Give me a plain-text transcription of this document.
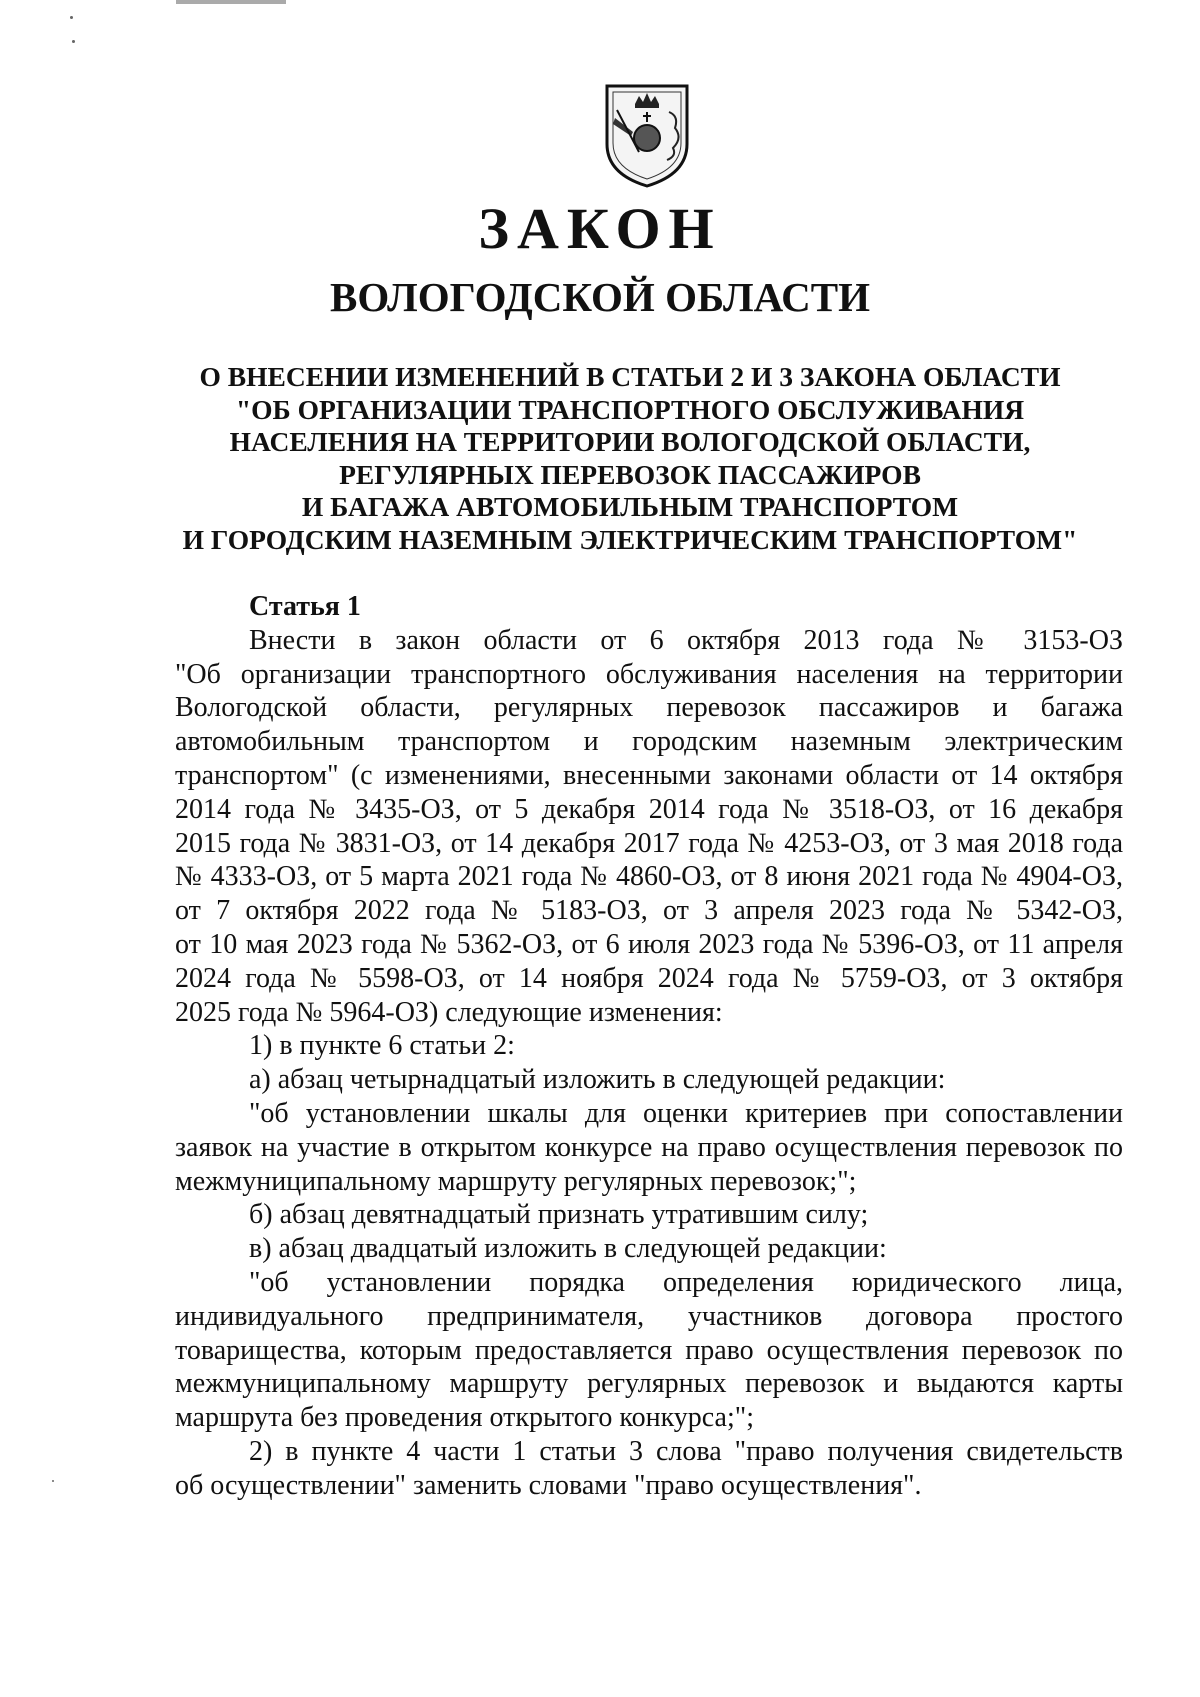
ЗАКОН
ВОЛОГОДСКОЙ ОБЛАСТИ
О ВНЕСЕНИИ ИЗМЕНЕНИЙ В СТАТЬИ 2 И 3 ЗАКОНА ОБЛАСТИ
"ОБ ОРГАНИЗАЦИИ ТРАНСПОРТНОГО ОБСЛУЖИВАНИЯ
НАСЕЛЕНИЯ НА ТЕРРИТОРИИ ВОЛОГОДСКОЙ ОБЛАСТИ,
РЕГУЛЯРНЫХ ПЕРЕВОЗОК ПАССАЖИРОВ
И БАГАЖА АВТОМОБИЛЬНЫМ ТРАНСПОРТОМ
И ГОРОДСКИМ НАЗЕМНЫМ ЭЛЕКТРИЧЕСКИМ ТРАНСПОРТОМ"

Статья 1

Внести в закон области от 6 октября 2013 года № 3153-ОЗ
"Об организации транспортного обслуживания населения на территории
Вологодской области, регулярных перевозок пассажиров и багажа
автомобильным транспортом и городским наземным электрическим
транспортом" (с изменениями, внесенными законами области от 14 октября
2014 года № 3435-ОЗ, от 5 декабря 2014 года № 3518-ОЗ, от 16 декабря
2015 года № 3831-ОЗ, от 14 декабря 2017 года № 4253-ОЗ, от 3 мая 2018 года
№ 4333-ОЗ, от 5 марта 2021 года № 4860-ОЗ, от 8 июня 2021 года № 4904-ОЗ,
от 7 октября 2022 года № 5183-ОЗ, от 3 апреля 2023 года № 5342-ОЗ,
от 10 мая 2023 года № 5362-ОЗ, от 6 июля 2023 года № 5396-ОЗ, от 11 апреля
2024 года № 5598-ОЗ, от 14 ноября 2024 года № 5759-ОЗ, от 3 октября
2025 года № 5964-ОЗ) следующие изменения:

1) в пункте 6 статьи 2:

а) абзац четырнадцатый изложить в следующей редакции:

"об установлении шкалы для оценки критериев при сопоставлении
заявок на участие в открытом конкурсе на право осуществления перевозок по
межмуниципальному маршруту регулярных перевозок;";

б) абзац девятнадцатый признать утратившим силу;

в) абзац двадцатый изложить в следующей редакции:

"об установлении порядка определения юридического лица,
индивидуального предпринимателя, участников договора простого
товарищества, которым предоставляется право осуществления перевозок по
межмуниципальному маршруту регулярных перевозок и выдаются карты
маршрута без проведения открытого конкурса;";

2) в пункте 4 части 1 статьи 3 слова "право получения свидетельств
об осуществлении" заменить словами "право осуществления".
